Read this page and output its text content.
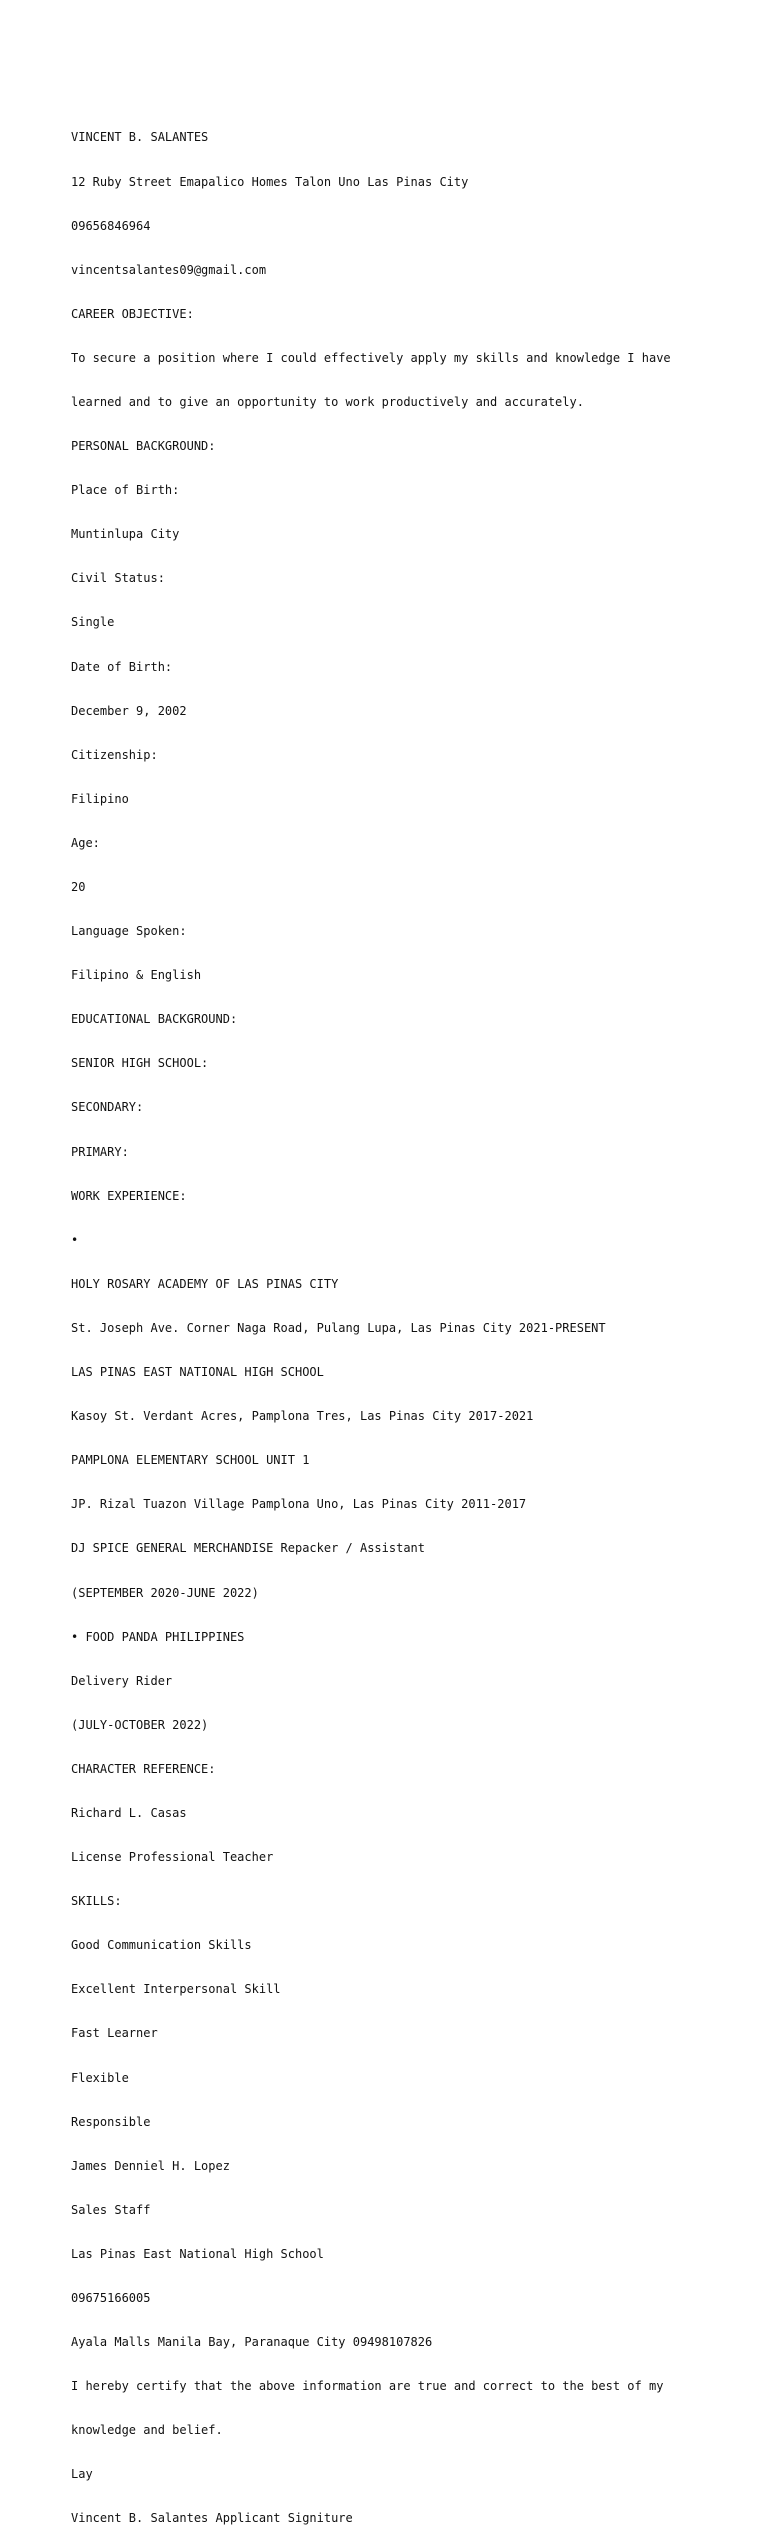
VINCENT B. SALANTES

12 Ruby Street Emapalico Homes Talon Uno Las Pinas City

09656846964

vincentsalantes09@gmail.com

CAREER OBJECTIVE:

To secure a position where I could effectively apply my skills and knowledge I have

learned and to give an opportunity to work productively and accurately.

PERSONAL BACKGROUND:

Place of Birth:

Muntinlupa City

Civil Status:

Single

Date of Birth:

December 9, 2002

Citizenship:

Filipino

Age:

20

Language Spoken:

Filipino & English

EDUCATIONAL BACKGROUND:

SENIOR HIGH SCHOOL:

SECONDARY:

PRIMARY:

WORK EXPERIENCE:

•

HOLY ROSARY ACADEMY OF LAS PINAS CITY

St. Joseph Ave. Corner Naga Road, Pulang Lupa, Las Pinas City 2021-PRESENT

LAS PINAS EAST NATIONAL HIGH SCHOOL

Kasoy St. Verdant Acres, Pamplona Tres, Las Pinas City 2017-2021

PAMPLONA ELEMENTARY SCHOOL UNIT 1

JP. Rizal Tuazon Village Pamplona Uno, Las Pinas City 2011-2017

DJ SPICE GENERAL MERCHANDISE Repacker / Assistant

(SEPTEMBER 2020-JUNE 2022)

• FOOD PANDA PHILIPPINES

Delivery Rider

(JULY-OCTOBER 2022)

CHARACTER REFERENCE:

Richard L. Casas

License Professional Teacher

SKILLS:

Good Communication Skills

Excellent Interpersonal Skill

Fast Learner

Flexible

Responsible

James Denniel H. Lopez

Sales Staff

Las Pinas East National High School

09675166005

Ayala Malls Manila Bay, Paranaque City 09498107826

I hereby certify that the above information are true and correct to the best of my

knowledge and belief.

Lay

Vincent B. Salantes Applicant Signiture
